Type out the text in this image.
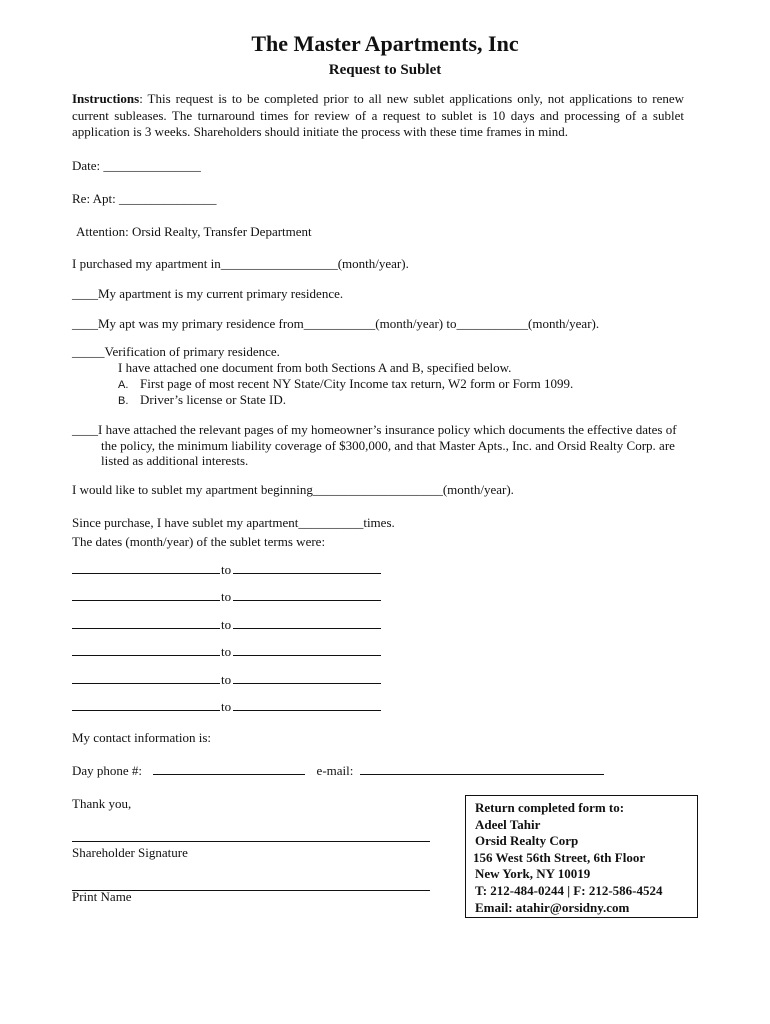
The Master Apartments, Inc
Request to Sublet
Instructions: This request is to be completed prior to all new sublet applications only, not applications to renew current subleases. The turnaround times for review of a request to sublet is 10 days and processing of a sublet application is 3 weeks. Shareholders should initiate the process with these time frames in mind.
Date: _______________
Re: Apt: _______________
Attention: Orsid Realty, Transfer Department
I purchased my apartment in__________________(month/year).
____My apartment is my current primary residence.
____My apt was my primary residence from___________(month/year) to___________(month/year).
_____Verification of primary residence.
I have attached one document from both Sections A and B, specified below.
A. First page of most recent NY State/City Income tax return, W2 form or Form 1099.
B. Driver’s license or State ID.
____I have attached the relevant pages of my homeowner’s insurance policy which documents the effective dates of the policy, the minimum liability coverage of $300,000, and that Master Apts., Inc. and Orsid Realty Corp. are listed as additional interests.
I would like to sublet my apartment beginning____________________(month/year).
Since purchase, I have sublet my apartment__________times.
The dates (month/year) of the sublet terms were:
to
to
to
to
to
to
My contact information is:
Day phone #:	e-mail:
Thank you,
Shareholder Signature
Print Name
Return completed form to:
Adeel Tahir
Orsid Realty Corp
156 West 56th Street, 6th Floor
New York, NY 10019
T: 212-484-0244 | F: 212-586-4524
Email: atahir@orsidny.com
